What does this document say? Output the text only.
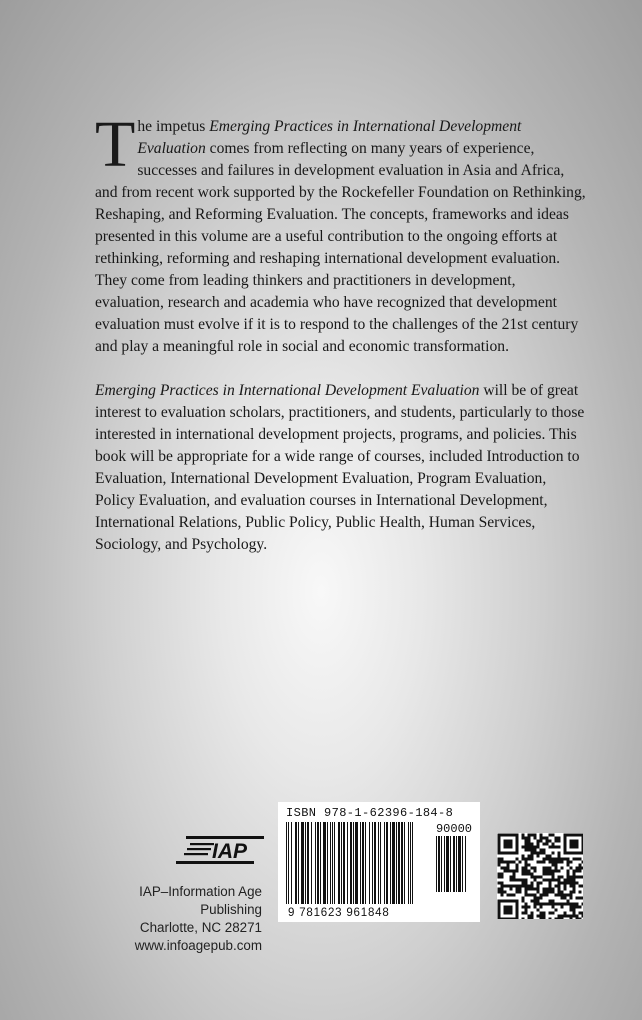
The impetus Emerging Practices in International Development Evaluation comes from reflecting on many years of experience, successes and failures in development evaluation in Asia and Africa, and from recent work supported by the Rockefeller Foundation on Rethinking, Reshaping, and Reforming Evaluation. The concepts, frameworks and ideas presented in this volume are a useful contribution to the ongoing efforts at rethinking, reforming and reshaping international development evaluation. They come from leading thinkers and practitioners in development, evaluation, research and academia who have recognized that development evaluation must evolve if it is to respond to the challenges of the 21st century and play a meaningful role in social and economic transformation.

Emerging Practices in International Development Evaluation will be of great interest to evaluation scholars, practitioners, and students, particularly to those interested in international development projects, programs, and policies. This book will be appropriate for a wide range of courses, included Introduction to Evaluation, International Development Evaluation, Program Evaluation, Policy Evaluation, and evaluation courses in International Development, International Relations, Public Policy, Public Health, Human Services, Sociology, and Psychology.

IAP
IAP–Information Age Publishing
Charlotte, NC 28271
www.infoagepub.com
ISBN 978-1-62396-184-8
90000
9 781623 961848
